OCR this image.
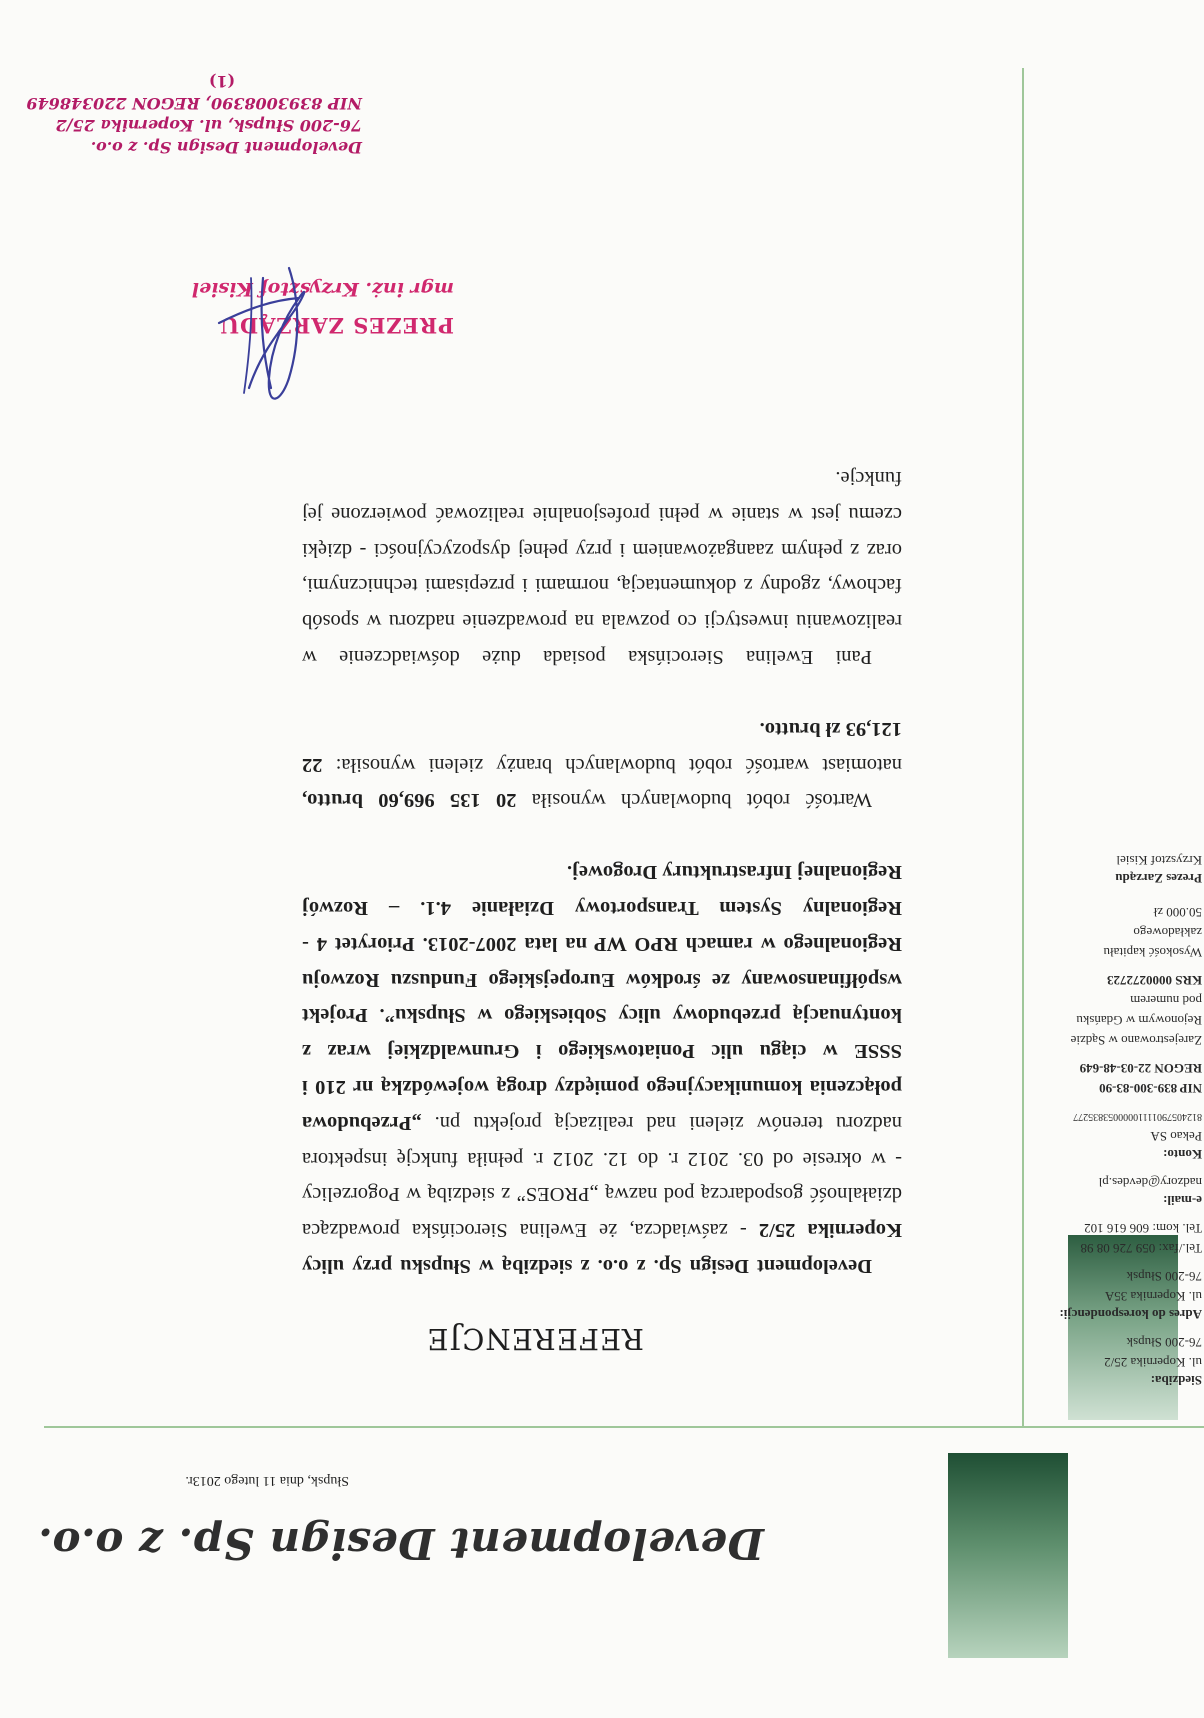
Development Design Sp. z o.o.
Siedziba:
ul. Kopernika 25/2
76-200 Słupsk
Adres do korespondencji:
ul. Kopernika 35A
76-200 Słupsk
Tel./fax: 059 726 08 98
Tel. kom: 606 616 102
e-mail:
nadzory@devdes.pl
Konto:
Pekao SA
81240579011110000053835277
NIP 839-300-83-90
REGON 22-03-48-649
Zarejestrowano w Sądzie
Rejonowym w Gdańsku
pod numerem
KRS 0000272723
Wysokość kapitału
zakładowego
50.000 zł
Prezes Zarządu
Krzysztof Kisiel
Słupsk, dnia 11 lutego 2013r.
REFERENCJE

Development Design Sp. z o.o. z siedzibą w Słupsku przy ulicy Kopernika 25/2 - zaświadcza, że Ewelina Sierocińska prowadząca działalność gospodarczą pod nazwą „PROES” z siedzibą w Pogorzelicy - w okresie od 03. 2012 r. do 12. 2012 r. pełniła funkcję inspektora nadzoru terenów zieleni nad realizacją projektu pn. „Przebudowa połączenia komunikacyjnego pomiędzy drogą wojewódzką nr 210 i SSSE w ciągu ulic Poniatowskiego i Grunwaldzkiej wraz z kontynuacją przebudowy ulicy Sobieskiego w Słupsku”. Projekt współfinansowany ze środków Europejskiego Funduszu Rozwoju Regionalnego w ramach RPO WP na lata 2007-2013. Priorytet 4 - Regionalny System Transportowy Działanie 4.1. – Rozwój Regionalnej Infrastruktury Drogowej.

Wartość robót budowlanych wynosiła 20 135 969,60 brutto, natomiast wartość robót budowlanych branży zieleni wynosiła: 22 121,93 zł brutto.

Pani Ewelina Sierocińska posiada duże doświadczenie w realizowaniu inwestycji co pozwala na prowadzenie nadzoru w sposób fachowy, zgodny z dokumentacją, normami i przepisami technicznymi, oraz z pełnym zaangażowaniem i przy pełnej dyspozycyjności - dzięki czemu jest w stanie w pełni profesjonalnie realizować powierzone jej funkcje.

PREZES ZARZĄDU
mgr inż. Krzysztof Kisiel
Development Design Sp. z o.o.
76-200 Słupsk, ul. Kopernika 25/2
NIP 8393008390, REGON 220348649
(1)
